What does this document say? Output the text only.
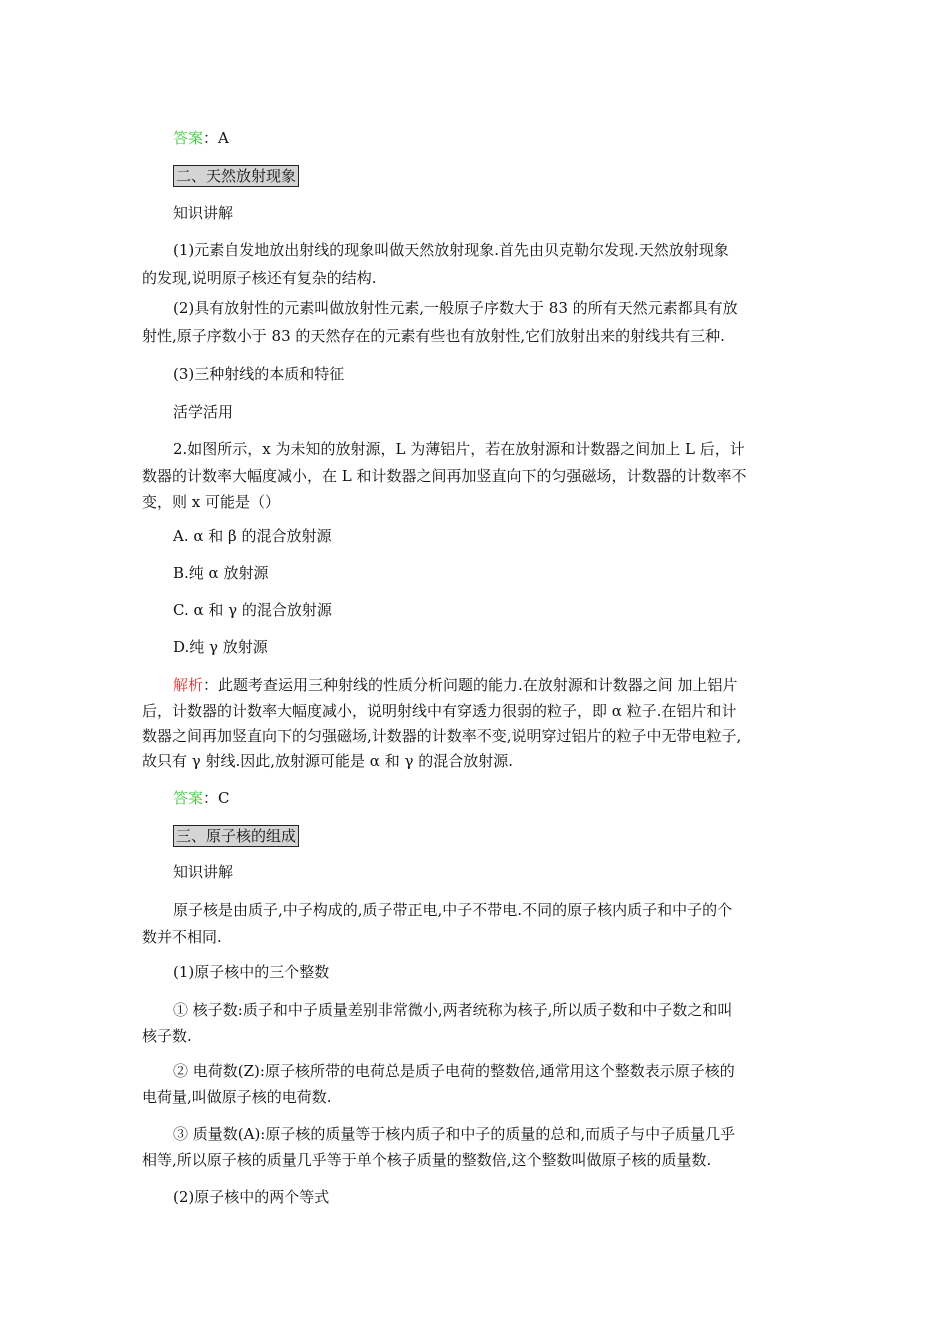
答案：A
二、天然放射现象
知识讲解
(1)元素自发地放出射线的现象叫做天然放射现象.首先由贝克勒尔发现.天然放射现象
的发现,说明原子核还有复杂的结构.
(2)具有放射性的元素叫做放射性元素,一般原子序数大于 83 的所有天然元素都具有放
射性,原子序数小于 83 的天然存在的元素有些也有放射性,它们放射出来的射线共有三种.
(3)三种射线的本质和特征
活学活用
2.如图所示，x 为未知的放射源，L 为薄铝片，若在放射源和计数器之间加上 L 后，计
数器的计数率大幅度减小，在 L 和计数器之间再加竖直向下的匀强磁场，计数器的计数率不
变，则 x 可能是（）
A. α 和 β 的混合放射源
B.纯 α 放射源
C. α 和 γ 的混合放射源
D.纯 γ 放射源
解析：此题考查运用三种射线的性质分析问题的能力.在放射源和计数器之间 加上铝片
后，计数器的计数率大幅度减小，说明射线中有穿透力很弱的粒子，即 α 粒子.在铝片和计
数器之间再加竖直向下的匀强磁场,计数器的计数率不变,说明穿过铝片的粒子中无带电粒子,
故只有 γ 射线.因此,放射源可能是 α 和 γ 的混合放射源.
答案：C
三、原子核的组成
知识讲解
原子核是由质子,中子构成的,质子带正电,中子不带电.不同的原子核内质子和中子的个
数并不相同.
(1)原子核中的三个整数
① 核子数:质子和中子质量差别非常微小,两者统称为核子,所以质子数和中子数之和叫
核子数.
② 电荷数(Z):原子核所带的电荷总是质子电荷的整数倍,通常用这个整数表示原子核的
电荷量,叫做原子核的电荷数.
③ 质量数(A):原子核的质量等于核内质子和中子的质量的总和,而质子与中子质量几乎
相等,所以原子核的质量几乎等于单个核子质量的整数倍,这个整数叫做原子核的质量数.
(2)原子核中的两个等式
